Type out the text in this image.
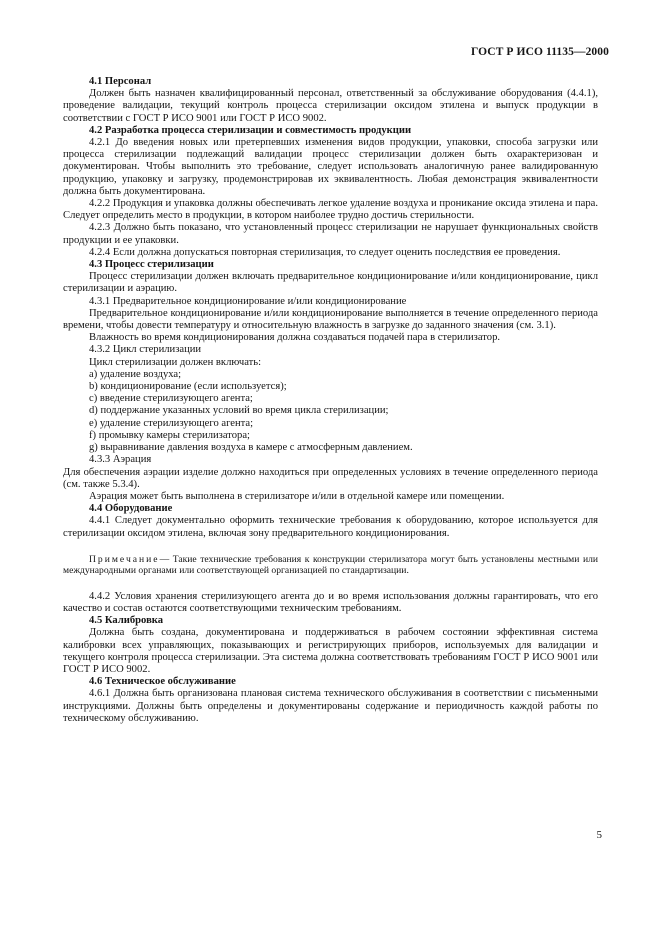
ГОСТ Р ИСО 11135—2000

4.1 Персонал

Должен быть назначен квалифицированный персонал, ответственный за обслуживание оборудования (4.4.1), проведение валидации, текущий контроль процесса стерилизации оксидом этилена и выпуск продукции в соответствии с ГОСТ Р ИСО 9001 или ГОСТ Р ИСО 9002.

4.2 Разработка процесса стерилизации и совместимость продукции

4.2.1 До введения новых или претерпевших изменения видов продукции, упаковки, способа загрузки или процесса стерилизации подлежащий валидации процесс стерилизации должен быть охарактеризован и документирован. Чтобы выполнить это требование, следует использовать аналогичную ранее валидированную продукцию, упаковку и загрузку, продемонстрировав их эквивалентность. Любая демонстрация эквивалентности должна быть документирована.

4.2.2 Продукция и упаковка должны обеспечивать легкое удаление воздуха и проникание оксида этилена и пара. Следует определить место в продукции, в котором наиболее трудно достичь стерильности.

4.2.3 Должно быть показано, что установленный процесс стерилизации не нарушает функциональных свойств продукции и ее упаковки.

4.2.4 Если должна допускаться повторная стерилизация, то следует оценить последствия ее проведения.

4.3 Процесс стерилизации

Процесс стерилизации должен включать предварительное кондиционирование и/или кондиционирование, цикл стерилизации и аэрацию.

4.3.1 Предварительное кондиционирование и/или кондиционирование

Предварительное кондиционирование и/или кондиционирование выполняется в течение определенного периода времени, чтобы довести температуру и относительную влажность в загрузке до заданного значения (см. 3.1).

Влажность во время кондиционирования должна создаваться подачей пара в стерилизатор.

4.3.2 Цикл стерилизации

Цикл стерилизации должен включать:

a) удаление воздуха;

b) кондиционирование (если используется);

c) введение стерилизующего агента;

d) поддержание указанных условий во время цикла стерилизации;

e) удаление стерилизующего агента;

f) промывку камеры стерилизатора;

g) выравнивание давления воздуха в камере с атмосферным давлением.

4.3.3 Аэрация

Для обеспечения аэрации изделие должно находиться при определенных условиях в течение определенного периода (см. также 5.3.4).

Аэрация может быть выполнена в стерилизаторе и/или в отдельной камере или помещении.

4.4 Оборудование

4.4.1 Следует документально оформить технические требования к оборудованию, которое используется для стерилизации оксидом этилена, включая зону предварительного кондиционирования.

Примечание— Такие технические требования к конструкции стерилизатора могут быть установлены местными или международными органами или соответствующей организацией по стандартизации.

4.4.2 Условия хранения стерилизующего агента до и во время использования должны гарантировать, что его качество и состав остаются соответствующими техническим требованиям.

4.5 Калибровка

Должна быть создана, документирована и поддерживаться в рабочем состоянии эффективная система калибровки всех управляющих, показывающих и регистрирующих приборов, используемых для валидации и текущего контроля процесса стерилизации. Эта система должна соответствовать требованиям ГОСТ Р ИСО 9001 или ГОСТ Р ИСО 9002.

4.6 Техническое обслуживание

4.6.1 Должна быть организована плановая система технического обслуживания в соответствии с письменными инструкциями. Должны быть определены и документированы содержание и периодичность каждой работы по техническому обслуживанию.

5
